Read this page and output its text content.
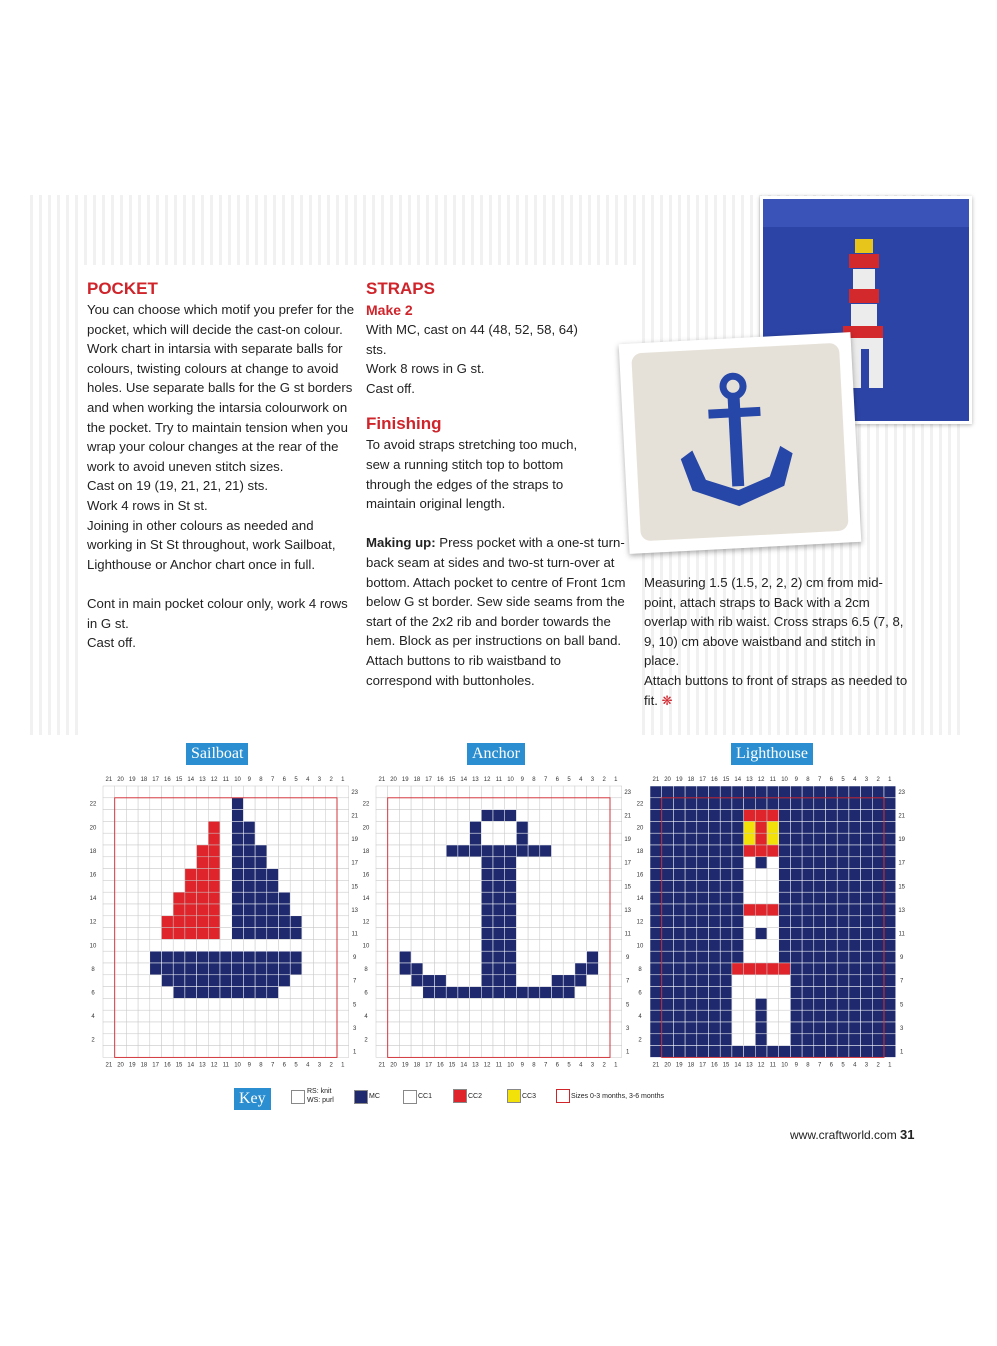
POCKET

You can choose which motif you prefer for the pocket, which will decide the cast-on colour. Work chart in intarsia with separate balls for colours, twisting colours at change to avoid holes. Use separate balls for the G st borders and when working the intarsia colourwork on the pocket. Try to maintain tension when you wrap your colour changes at the rear of the work to avoid uneven stitch sizes.

Cast on 19 (19, 21, 21, 21) sts.

Work 4 rows in St st.

Joining in other colours as needed and working in St St throughout, work Sailboat, Lighthouse or Anchor chart once in full.

Cont in main pocket colour only, work 4 rows in G st.

Cast off.

STRAPS
Make 2

With MC, cast on 44 (48, 52, 58, 64) sts.

Work 8 rows in G st.

Cast off.

Finishing

To avoid straps stretching too much, sew a running stitch top to bottom through the edges of the straps to maintain original length.

Making up: Press pocket with a one-st turn-back seam at sides and two-st turn-over at bottom. Attach pocket to centre of Front 1cm below G st border. Sew side seams from the start of the 2x2 rib and border towards the hem. Block as per instructions on ball band. Attach buttons to rib waistband to correspond with buttonholes.

Measuring 1.5 (1.5, 2, 2, 2) cm from mid-point, attach straps to Back with a 2cm overlap with rib waist. Cross straps 6.5 (7, 8, 9, 10) cm above waistband and stitch in place.

Attach buttons to front of straps as needed to fit. ❋

Sailboat	Anchor	Lighthouse
21
21
20
20
19
19
18
18
17
17
16
16
15
15
14
14
13
13
12
12
11
11
10
10
9
9
8
8
7
7
6
6
5
5
4
4
3
3
2
2
1
1
23
22
21
20
19
18
17
16
15
14
13
12
11
10
9
8
7
6
5
4
3
2
1
21
21
20
20
19
19
18
18
17
17
16
16
15
15
14
14
13
13
12
12
11
11
10
10
9
9
8
8
7
7
6
6
5
5
4
4
3
3
2
2
1
1
23
22
21
20
19
18
17
16
15
14
13
12
11
10
9
8
7
6
5
4
3
2
1
21
21
20
20
19
19
18
18
17
17
16
16
15
15
14
14
13
13
12
12
11
11
10
10
9
9
8
8
7
7
6
6
5
5
4
4
3
3
2
2
1
1
23
22
21
20
19
18
17
16
15
14
13
12
11
10
9
8
7
6
5
4
3
2
1
Key	RS: knit
WS: purl
MC	CC1	CC2	CC3	Sizes 0-3 months, 3-6 months
www.craftworld.com 31
